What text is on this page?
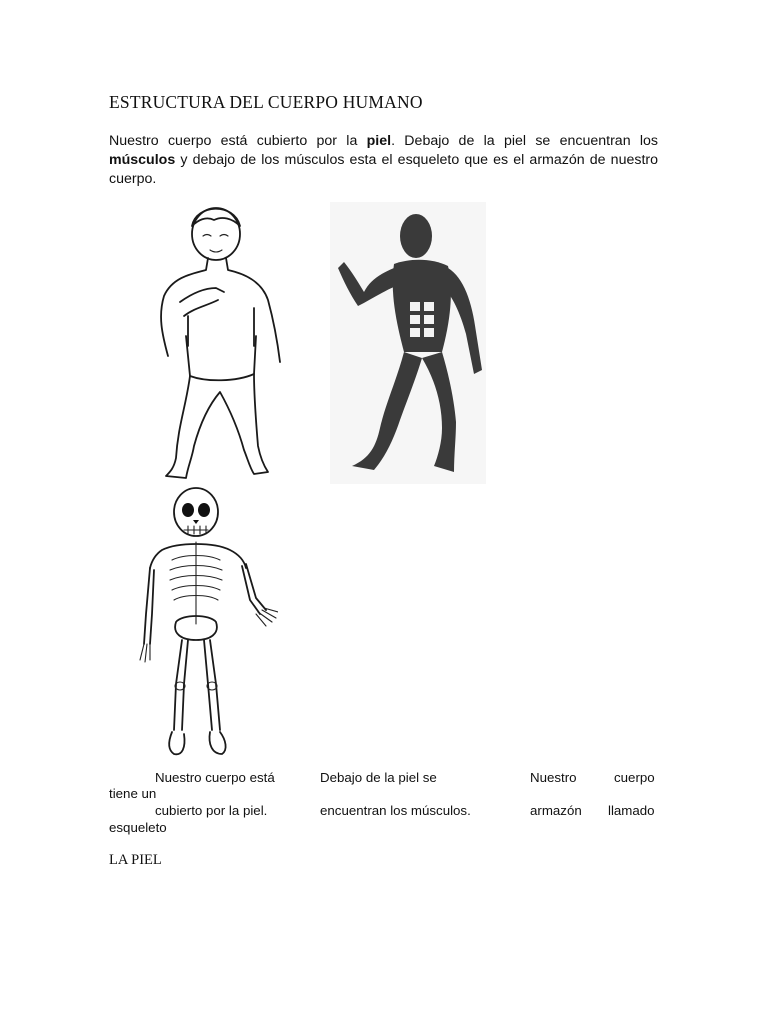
ESTRUCTURA DEL CUERPO HUMANO
Nuestro cuerpo está cubierto por la piel. Debajo de la piel se encuentran los músculos y debajo de los músculos esta el esqueleto que es el armazón de nuestro cuerpo.
Nuestro cuerpo está
cubierto por la piel.
Debajo de la piel se
encuentran los músculos.
Nuestro	cuerpo
armazón llamado
tiene un
esqueleto
LA PIEL
